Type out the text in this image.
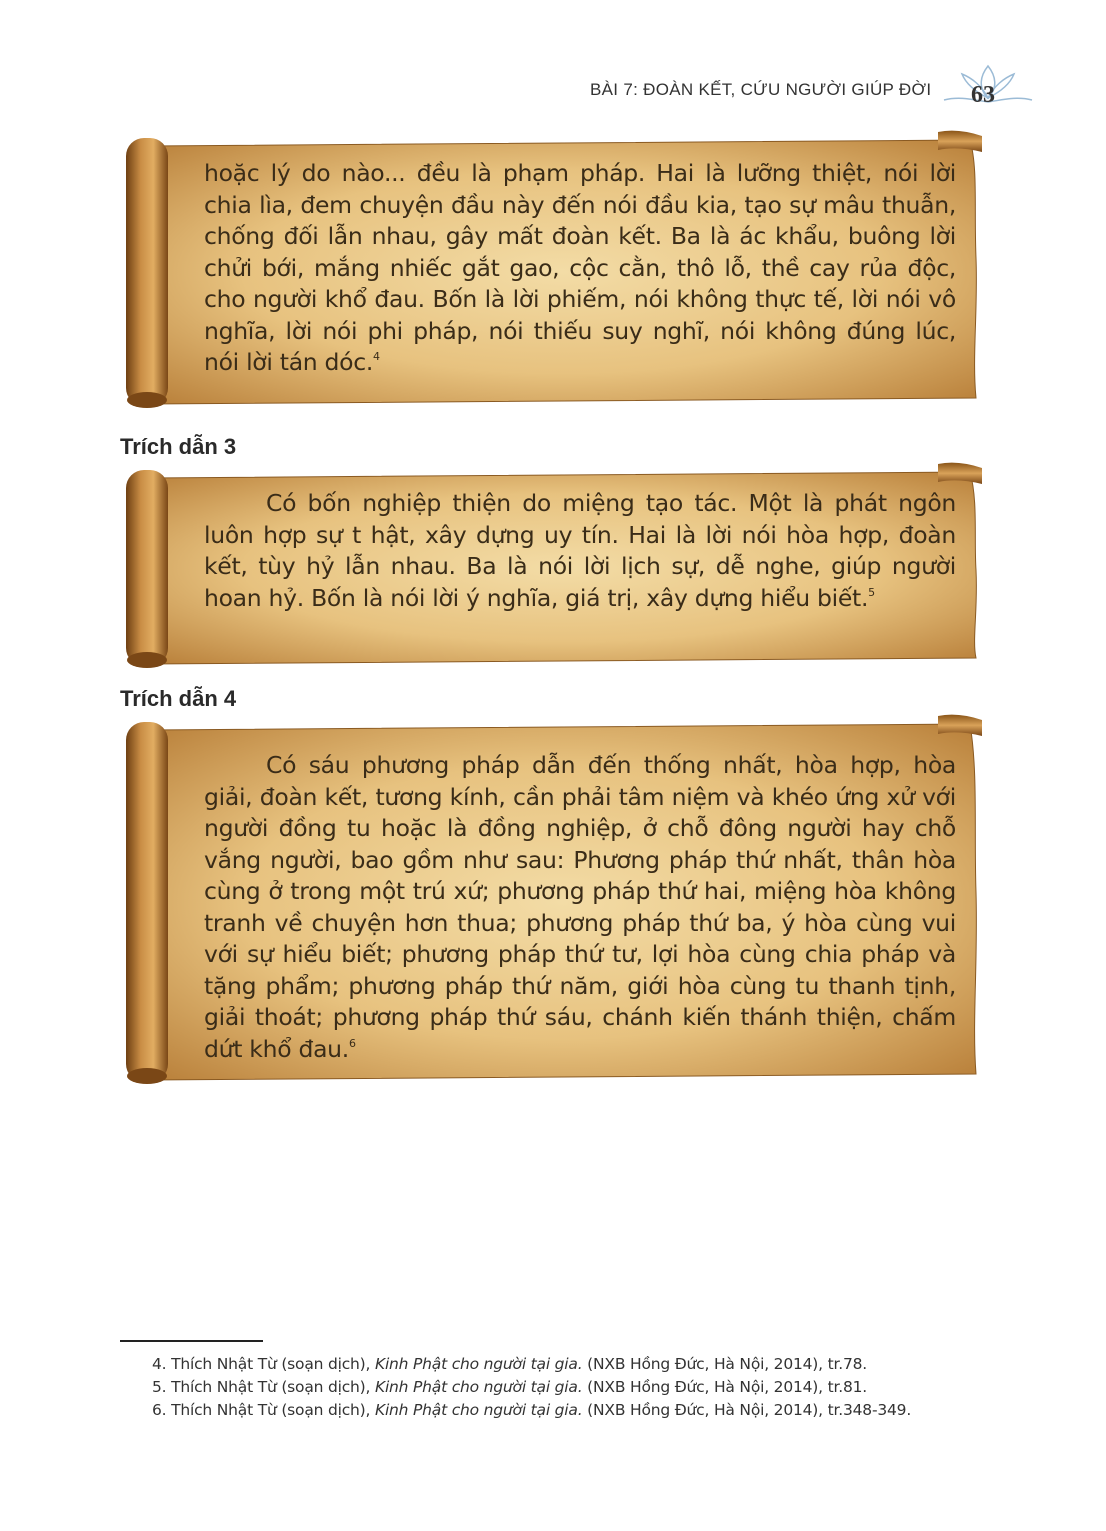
BÀI 7: ĐOÀN KẾT, CỨU NGƯỜI GIÚP ĐỜI	63
hoặc lý do nào... đều là phạm pháp. Hai là lưỡng thiệt, nói lời chia lìa, đem chuyện đầu này đến nói đầu kia, tạo sự mâu thuẫn, chống đối lẫn nhau, gây mất đoàn kết. Ba là ác khẩu, buông lời chửi bới, mắng nhiếc gắt gao, cộc cằn, thô lỗ, thề cay rủa độc, cho người khổ đau. Bốn là lời phiếm, nói không thực tế, lời nói vô nghĩa, lời nói phi pháp, nói thiếu suy nghĩ, nói không đúng lúc, nói lời tán dóc.$^4$
Trích dẫn 3
Có bốn nghiệp thiện do miệng tạo tác. Một là phát ngôn luôn hợp sự t hật, xây dựng uy tín. Hai là lời nói hòa hợp, đoàn kết, tùy hỷ lẫn nhau. Ba là nói lời lịch sự, dễ nghe, giúp người hoan hỷ. Bốn là nói lời ý nghĩa, giá trị, xây dựng hiểu biết.$^5$
Trích dẫn 4
Có sáu phương pháp dẫn đến thống nhất, hòa hợp, hòa giải, đoàn kết, tương kính, cần phải tâm niệm và khéo ứng xử với người đồng tu hoặc là đồng nghiệp, ở chỗ đông người hay chỗ vắng người, bao gồm như sau: Phương pháp thứ nhất, thân hòa cùng ở trong một trú xứ; phương pháp thứ hai, miệng hòa không tranh về chuyện hơn thua; phương pháp thứ ba, ý hòa cùng vui với sự hiểu biết; phương pháp thứ tư, lợi hòa cùng chia pháp và tặng phẩm; phương pháp thứ năm, giới hòa cùng tu thanh tịnh, giải thoát; phương pháp thứ sáu, chánh kiến thánh thiện, chấm dứt khổ đau.$^6$
4. Thích Nhật Từ (soạn dịch), Kinh Phật cho người tại gia. (NXB Hồng Đức, Hà Nội, 2014), tr.78.
5. Thích Nhật Từ (soạn dịch), Kinh Phật cho người tại gia. (NXB Hồng Đức, Hà Nội, 2014), tr.81.
6. Thích Nhật Từ (soạn dịch), Kinh Phật cho người tại gia. (NXB Hồng Đức, Hà Nội, 2014), tr.348-349.
